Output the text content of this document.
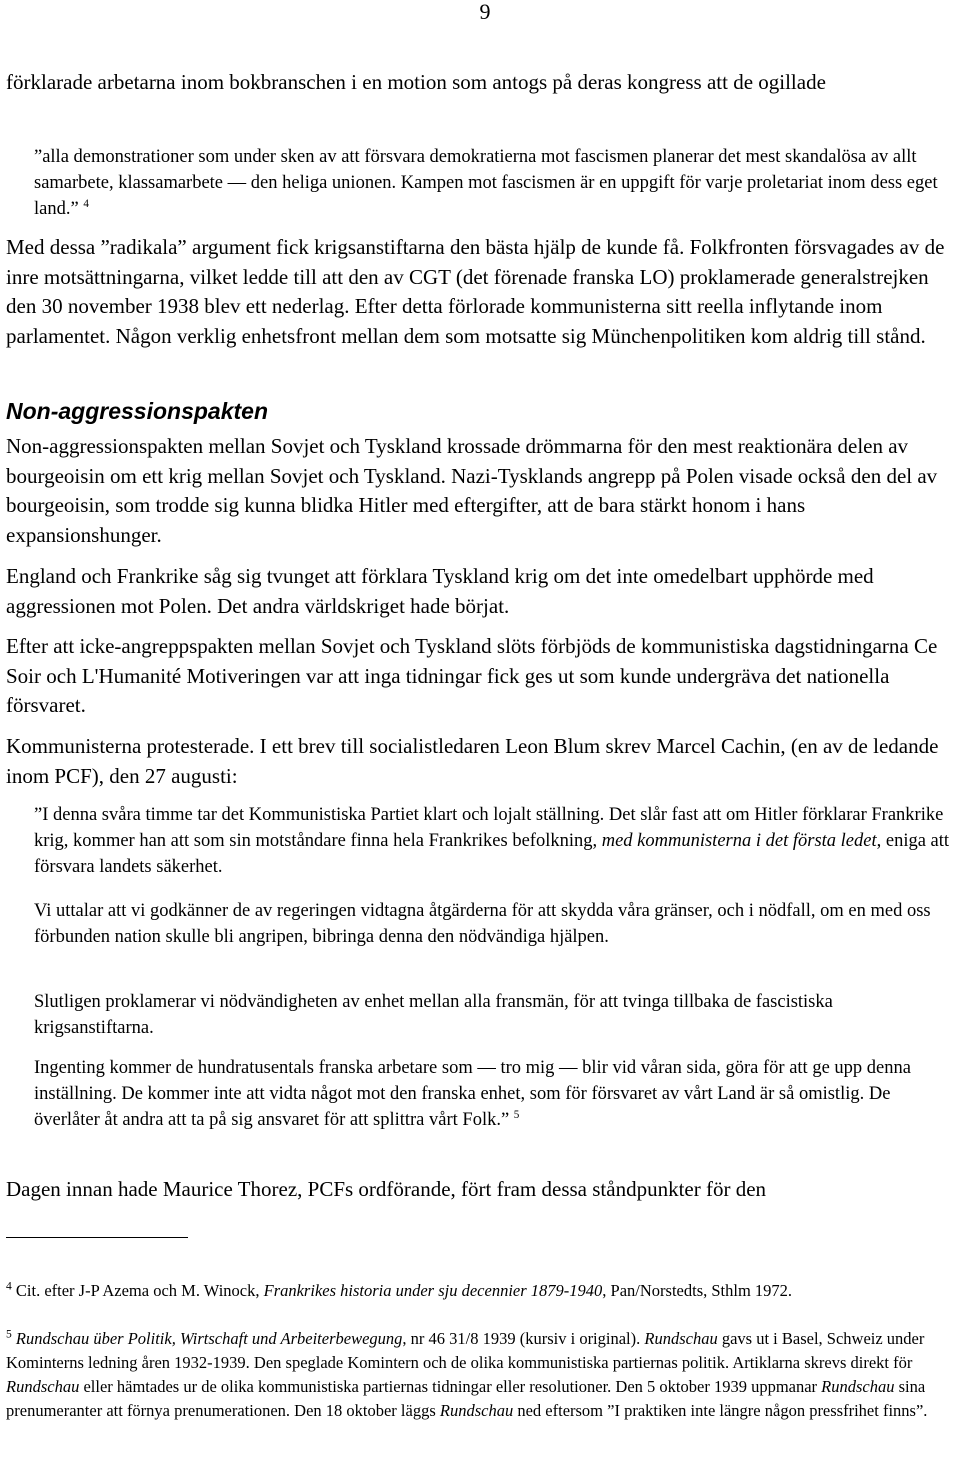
9

förklarade arbetarna inom bokbranschen i en motion som antogs på deras kongress att de ogillade

”alla demonstrationer som under sken av att försvara demokratierna mot fascismen planerar det mest skandalösa av allt samarbete, klassamarbete — den heliga unionen. Kampen mot fascismen är en uppgift för varje proletariat inom dess eget land.” $^4$

Med dessa ”radikala” argument fick krigsanstiftarna den bästa hjälp de kunde få. Folkfronten försvagades av de inre motsättningarna, vilket ledde till att den av CGT (det förenade franska LO) proklamerade generalstrejken den 30 november 1938 blev ett nederlag. Efter detta förlorade kommunisterna sitt reella inflytande inom parlamentet. Någon verklig enhetsfront mellan dem som motsatte sig Münchenpolitiken kom aldrig till stånd.

Non-aggressionspakten

Non-aggressionspakten mellan Sovjet och Tyskland krossade drömmarna för den mest reaktionära delen av bourgeoisin om ett krig mellan Sovjet och Tyskland. Nazi-Tysklands angrepp på Polen visade också den del av bourgeoisin, som trodde sig kunna blidka Hitler med eftergifter, att de bara stärkt honom i hans expansionshunger.

England och Frankrike såg sig tvunget att förklara Tyskland krig om det inte omedelbart upphörde med aggressionen mot Polen. Det andra världskriget hade börjat.

Efter att icke-angreppspakten mellan Sovjet och Tyskland slöts förbjöds de kommunistiska dagstidningarna Ce Soir och L'Humanité Motiveringen var att inga tidningar fick ges ut som kunde undergräva det nationella försvaret.

Kommunisterna protesterade. I ett brev till socialistledaren Leon Blum skrev Marcel Cachin, (en av de ledande inom PCF), den 27 augusti:

”I denna svåra timme tar det Kommunistiska Partiet klart och lojalt ställning. Det slår fast att om Hitler förklarar Frankrike krig, kommer han att som sin motståndare finna hela Frankrikes befolkning, med kommunisterna i det första ledet, eniga att försvara landets säkerhet.

Vi uttalar att vi godkänner de av regeringen vidtagna åtgärderna för att skydda våra gränser, och i nödfall, om en med oss förbunden nation skulle bli angripen, bibringa denna den nödvändiga hjälpen.

Slutligen proklamerar vi nödvändigheten av enhet mellan alla fransmän, för att tvinga tillbaka de fascistiska krigsanstiftarna.

Ingenting kommer de hundratusentals franska arbetare som — tro mig — blir vid våran sida, göra för att ge upp denna inställning. De kommer inte att vidta något mot den franska enhet, som för försvaret av vårt Land är så omistlig. De överlåter åt andra att ta på sig ansvaret för att splittra vårt Folk.” $^5$

Dagen innan hade Maurice Thorez, PCFs ordförande, fört fram dessa ståndpunkter för den

$^4$ Cit. efter J-P Azema och M. Winock, Frankrikes historia under sju decennier 1879-1940, Pan/Norstedts, Sthlm 1972.

$^5$ Rundschau über Politik, Wirtschaft und Arbeiterbewegung, nr 46 31/8 1939 (kursiv i original). Rundschau gavs ut i Basel, Schweiz under Kominterns ledning åren 1932-1939. Den speglade Komintern och de olika kommunistiska partiernas politik. Artiklarna skrevs direkt för Rundschau eller hämtades ur de olika kommunistiska partiernas tidningar eller resolutioner. Den 5 oktober 1939 uppmanar Rundschau sina prenumeranter att förnya prenumerationen. Den 18 oktober läggs Rundschau ned eftersom ”I praktiken inte längre någon pressfrihet finns”.
